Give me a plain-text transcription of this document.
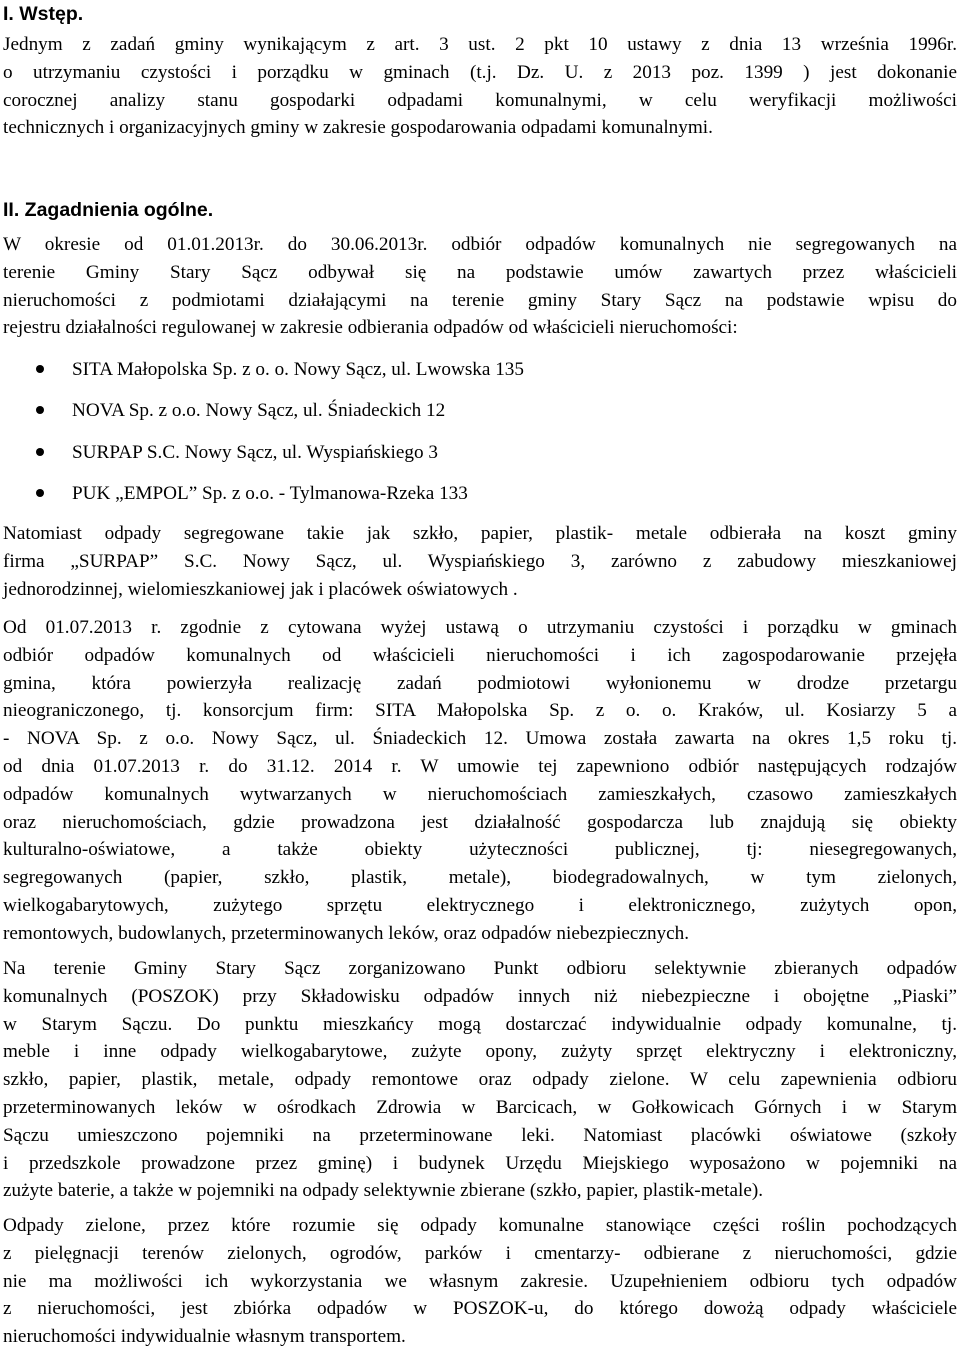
I. Wstęp.
Jednym z zadań gminy wynikającym z art. 3 ust. 2 pkt 10 ustawy z dnia 13 września 1996r.
o utrzymaniu czystości i porządku w gminach (t.j. Dz. U. z 2013 poz. 1399 ) jest dokonanie
corocznej analizy stanu gospodarki odpadami komunalnymi, w celu weryfikacji możliwości
technicznych i organizacyjnych gminy w zakresie gospodarowania odpadami komunalnymi.
II. Zagadnienia ogólne.
W okresie od 01.01.2013r. do 30.06.2013r. odbiór odpadów komunalnych nie segregowanych na
terenie Gminy Stary Sącz odbywał się na podstawie umów zawartych przez właścicieli
nieruchomości z podmiotami działającymi na terenie gminy Stary Sącz na podstawie wpisu do
rejestru działalności regulowanej w zakresie odbierania odpadów od właścicieli nieruchomości:
SITA Małopolska Sp. z o. o. Nowy Sącz, ul. Lwowska 135
NOVA Sp. z o.o. Nowy Sącz, ul. Śniadeckich 12
SURPAP S.C. Nowy Sącz, ul. Wyspiańskiego 3
PUK „EMPOL” Sp. z o.o. - Tylmanowa-Rzeka 133
Natomiast odpady segregowane takie jak szkło, papier, plastik- metale odbierała na koszt gminy
firma „SURPAP” S.C. Nowy Sącz, ul. Wyspiańskiego 3, zarówno z zabudowy mieszkaniowej
jednorodzinnej, wielomieszkaniowej jak i placówek oświatowych .
Od 01.07.2013 r. zgodnie z cytowana wyżej ustawą o utrzymaniu czystości i porządku w gminach
odbiór odpadów komunalnych od właścicieli nieruchomości i ich zagospodarowanie przejęła
gmina, która powierzyła realizację zadań podmiotowi wyłonionemu w drodze przetargu
nieograniczonego, tj. konsorcjum firm: SITA Małopolska Sp. z o. o. Kraków, ul. Kosiarzy 5 a
- NOVA Sp. z o.o. Nowy Sącz, ul. Śniadeckich 12. Umowa została zawarta na okres 1,5 roku tj.
od dnia 01.07.2013 r. do 31.12. 2014 r. W umowie tej zapewniono odbiór następujących rodzajów
odpadów komunalnych wytwarzanych w nieruchomościach zamieszkałych, czasowo zamieszkałych
oraz nieruchomościach, gdzie prowadzona jest działalność gospodarcza lub znajdują się obiekty
kulturalno-oświatowe, a także obiekty użyteczności publicznej, tj: niesegregowanych,
segregowanych (papier, szkło, plastik, metale), biodegradowalnych, w tym zielonych,
wielkogabarytowych, zużytego sprzętu elektrycznego i elektronicznego, zużytych opon,
remontowych, budowlanych, przeterminowanych leków, oraz odpadów niebezpiecznych.
Na terenie Gminy Stary Sącz zorganizowano Punkt odbioru selektywnie zbieranych odpadów
komunalnych (POSZOK) przy Składowisku odpadów innych niż niebezpieczne i obojętne „Piaski”
w Starym Sączu. Do punktu mieszkańcy mogą dostarczać indywidualnie odpady komunalne, tj.
meble i inne odpady wielkogabarytowe, zużyte opony, zużyty sprzęt elektryczny i elektroniczny,
szkło, papier, plastik, metale, odpady remontowe oraz odpady zielone. W celu zapewnienia odbioru
przeterminowanych leków w ośrodkach Zdrowia w Barcicach, w Gołkowicach Górnych i w Starym
Sączu umieszczono pojemniki na przeterminowane leki. Natomiast placówki oświatowe (szkoły
i przedszkole prowadzone przez gminę) i budynek Urzędu Miejskiego wyposażono w pojemniki na
zużyte baterie, a także w pojemniki na odpady selektywnie zbierane (szkło, papier, plastik-metale).
Odpady zielone, przez które rozumie się odpady komunalne stanowiące części roślin pochodzących
z pielęgnacji terenów zielonych, ogrodów, parków i cmentarzy- odbierane z nieruchomości, gdzie
nie ma możliwości ich wykorzystania we własnym zakresie. Uzupełnieniem odbioru tych odpadów
z nieruchomości, jest zbiórka odpadów w POSZOK-u, do którego dowożą odpady właściciele
nieruchomości indywidualnie własnym transportem.
